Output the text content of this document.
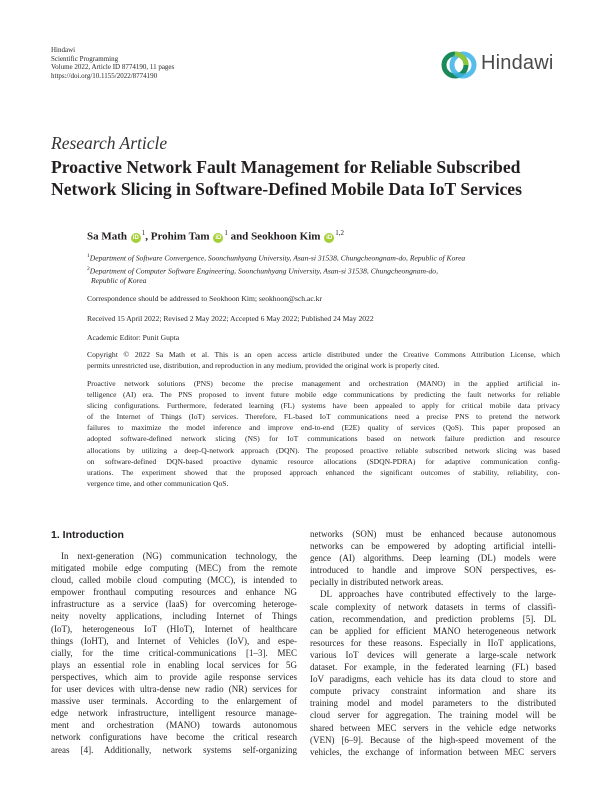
Hindawi
Scientific Programming
Volume 2022, Article ID 8774190, 11 pages
https://doi.org/10.1155/2022/8774190
Hindawi
Research Article
Proactive Network Fault Management for Reliable Subscribed
Network Slicing in Software-Defined Mobile Data IoT Services
Sa Math $iD^1$, Prohim Tam $iD^1$ and Seokhoon Kim iD$^{1,2}$
$^1$Department of Software Convergence, Soonchunhyang University, Asan-si 31538, Chungcheongnam-do, Republic of Korea
$^2$Department of Computer Software Engineering, Soonchunhyang University, Asan-si 31538, Chungcheongnam-do,
Republic of Korea
Correspondence should be addressed to Seokhoon Kim; seokhoon@sch.ac.kr
Received 15 April 2022; Revised 2 May 2022; Accepted 6 May 2022; Published 24 May 2022
Academic Editor: Punit Gupta
Copyright © 2022 Sa Math et al. This is an open access article distributed under the Creative Commons Attribution License, which
permits unrestricted use, distribution, and reproduction in any medium, provided the original work is properly cited.
Proactive network solutions (PNS) become the precise management and orchestration (MANO) in the applied artificial in-
telligence (AI) era. The PNS proposed to invent future mobile edge communications by predicting the fault networks for reliable
slicing configurations. Furthermore, federated learning (FL) systems have been appealed to apply for critical mobile data privacy
of the Internet of Things (IoT) services. Therefore, FL-based IoT communications need a precise PNS to pretend the network
failures to maximize the model inference and improve end-to-end (E2E) quality of services (QoS). This paper proposed an
adopted software-defined network slicing (NS) for IoT communications based on network failure prediction and resource
allocations by utilizing a deep-Q-network approach (DQN). The proposed proactive reliable subscribed network slicing was based
on software-defined DQN-based proactive dynamic resource allocations (SDQN-PDRA) for adaptive communication config-
urations. The experiment showed that the proposed approach enhanced the significant outcomes of stability, reliability, con-
vergence time, and other communication QoS.
1. Introduction
In next-generation (NG) communication technology, the
mitigated mobile edge computing (MEC) from the remote
cloud, called mobile cloud computing (MCC), is intended to
empower fronthaul computing resources and enhance NG
infrastructure as a service (IaaS) for overcoming heteroge-
neity novelty applications, including Internet of Things
(IoT), heterogeneous IoT (HIoT), Internet of healthcare
things (IoHT), and Internet of Vehicles (IoV), and espe-
cially, for the time critical-communications [1–3]. MEC
plays an essential role in enabling local services for 5G
perspectives, which aim to provide agile response services
for user devices with ultra-dense new radio (NR) services for
massive user terminals. According to the enlargement of
edge network infrastructure, intelligent resource manage-
ment and orchestration (MANO) towards autonomous
network configurations have become the critical research
areas [4]. Additionally, network systems self-organizing
networks (SON) must be enhanced because autonomous
networks can be empowered by adopting artificial intelli-
gence (AI) algorithms. Deep learning (DL) models were
introduced to handle and improve SON perspectives, es-
pecially in distributed network areas.
DL approaches have contributed effectively to the large-
scale complexity of network datasets in terms of classifi-
cation, recommendation, and prediction problems [5]. DL
can be applied for efficient MANO heterogeneous network
resources for these reasons. Especially in IIoT applications,
various IoT devices will generate a large-scale network
dataset. For example, in the federated learning (FL) based
IoV paradigms, each vehicle has its data cloud to store and
compute privacy constraint information and share its
training model and model parameters to the distributed
cloud server for aggregation. The training model will be
shared between MEC servers in the vehicle edge networks
(VEN) [6–9]. Because of the high-speed movement of the
vehicles, the exchange of information between MEC servers
